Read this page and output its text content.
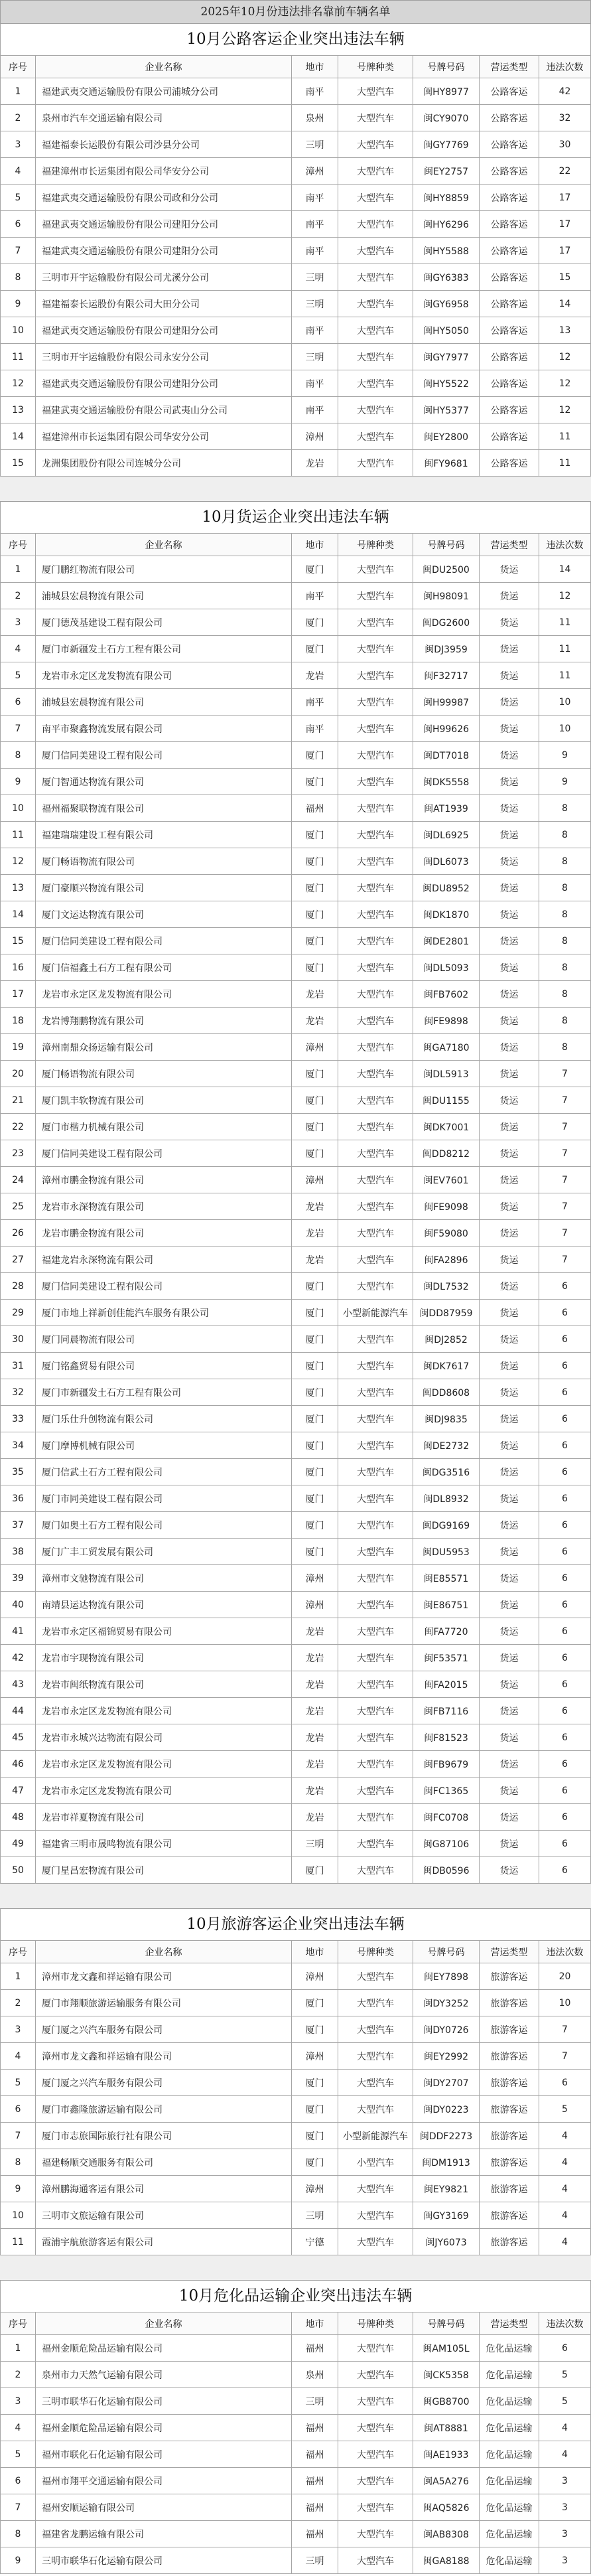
2025年10月份违法排名靠前车辆名单
10月公路客运企业突出违法车辆
序号	企业名称	地市	号牌种类	号牌号码	营运类型	违法次数
1	福建武夷交通运输股份有限公司浦城分公司	南平	大型汽车	闽HY8977	公路客运	42
2	泉州市汽车交通运输有限公司	泉州	大型汽车	闽CY9070	公路客运	32
3	福建福泰长运股份有限公司沙县分公司	三明	大型汽车	闽GY7769	公路客运	30
4	福建漳州市长运集团有限公司华安分公司	漳州	大型汽车	闽EY2757	公路客运	22
5	福建武夷交通运输股份有限公司政和分公司	南平	大型汽车	闽HY8859	公路客运	17
6	福建武夷交通运输股份有限公司建阳分公司	南平	大型汽车	闽HY6296	公路客运	17
7	福建武夷交通运输股份有限公司建阳分公司	南平	大型汽车	闽HY5588	公路客运	17
8	三明市开宇运输股份有限公司尤溪分公司	三明	大型汽车	闽GY6383	公路客运	15
9	福建福泰长运股份有限公司大田分公司	三明	大型汽车	闽GY6958	公路客运	14
10	福建武夷交通运输股份有限公司建阳分公司	南平	大型汽车	闽HY5050	公路客运	13
11	三明市开宇运输股份有限公司永安分公司	三明	大型汽车	闽GY7977	公路客运	12
12	福建武夷交通运输股份有限公司建阳分公司	南平	大型汽车	闽HY5522	公路客运	12
13	福建武夷交通运输股份有限公司武夷山分公司	南平	大型汽车	闽HY5377	公路客运	12
14	福建漳州市长运集团有限公司华安分公司	漳州	大型汽车	闽EY2800	公路客运	11
15	龙洲集团股份有限公司连城分公司	龙岩	大型汽车	闽FY9681	公路客运	11
10月货运企业突出违法车辆
序号	企业名称	地市	号牌种类	号牌号码	营运类型	违法次数
1	厦门鹏红物流有限公司	厦门	大型汽车	闽DU2500	货运	14
2	浦城县宏晨物流有限公司	南平	大型汽车	闽H98091	货运	12
3	厦门德茂基建设工程有限公司	厦门	大型汽车	闽DG2600	货运	11
4	厦门市新疆发土石方工程有限公司	厦门	大型汽车	闽DJ3959	货运	11
5	龙岩市永定区龙发物流有限公司	龙岩	大型汽车	闽F32717	货运	11
6	浦城县宏晨物流有限公司	南平	大型汽车	闽H99987	货运	10
7	南平市聚鑫物流发展有限公司	南平	大型汽车	闽H99626	货运	10
8	厦门信同美建设工程有限公司	厦门	大型汽车	闽DT7018	货运	9
9	厦门智通达物流有限公司	厦门	大型汽车	闽DK5558	货运	9
10	福州福聚联物流有限公司	福州	大型汽车	闽AT1939	货运	8
11	福建瑞瑞建设工程有限公司	厦门	大型汽车	闽DL6925	货运	8
12	厦门畅语物流有限公司	厦门	大型汽车	闽DL6073	货运	8
13	厦门豪顺兴物流有限公司	厦门	大型汽车	闽DU8952	货运	8
14	厦门文运达物流有限公司	厦门	大型汽车	闽DK1870	货运	8
15	厦门信同美建设工程有限公司	厦门	大型汽车	闽DE2801	货运	8
16	厦门信福鑫土石方工程有限公司	厦门	大型汽车	闽DL5093	货运	8
17	龙岩市永定区龙发物流有限公司	龙岩	大型汽车	闽FB7602	货运	8
18	龙岩博翔鹏物流有限公司	龙岩	大型汽车	闽FE9898	货运	8
19	漳州南鼎众扬运输有限公司	漳州	大型汽车	闽GA7180	货运	8
20	厦门畅语物流有限公司	厦门	大型汽车	闽DL5913	货运	7
21	厦门凯丰软物流有限公司	厦门	大型汽车	闽DU1155	货运	7
22	厦门市楷力机械有限公司	厦门	大型汽车	闽DK7001	货运	7
23	厦门信同美建设工程有限公司	厦门	大型汽车	闽DD8212	货运	7
24	漳州市鹏金物流有限公司	漳州	大型汽车	闽EV7601	货运	7
25	龙岩市永深物流有限公司	龙岩	大型汽车	闽FE9098	货运	7
26	龙岩市鹏金物流有限公司	龙岩	大型汽车	闽F59080	货运	7
27	福建龙岩永深物流有限公司	龙岩	大型汽车	闽FA2896	货运	7
28	厦门信同美建设工程有限公司	厦门	大型汽车	闽DL7532	货运	6
29	厦门市地上祥新创佳能汽车服务有限公司	厦门	小型新能源汽车	闽DD87959	货运	6
30	厦门同晨物流有限公司	厦门	大型汽车	闽DJ2852	货运	6
31	厦门铭鑫贸易有限公司	厦门	大型汽车	闽DK7617	货运	6
32	厦门市新疆发土石方工程有限公司	厦门	大型汽车	闽DD8608	货运	6
33	厦门乐仕升创物流有限公司	厦门	大型汽车	闽DJ9835	货运	6
34	厦门摩博机械有限公司	厦门	大型汽车	闽DE2732	货运	6
35	厦门信武土石方工程有限公司	厦门	大型汽车	闽DG3516	货运	6
36	厦门市同美建设工程有限公司	厦门	大型汽车	闽DL8932	货运	6
37	厦门如奥土石方工程有限公司	厦门	大型汽车	闽DG9169	货运	6
38	厦门广丰工贸发展有限公司	厦门	大型汽车	闽DU5953	货运	6
39	漳州市文驰物流有限公司	漳州	大型汽车	闽E85571	货运	6
40	南靖县运达物流有限公司	漳州	大型汽车	闽E86751	货运	6
41	龙岩市永定区福锦贸易有限公司	龙岩	大型汽车	闽FA7720	货运	6
42	龙岩市宇现物流有限公司	龙岩	大型汽车	闽F53571	货运	6
43	龙岩市闽纸物流有限公司	龙岩	大型汽车	闽FA2015	货运	6
44	龙岩市永定区龙发物流有限公司	龙岩	大型汽车	闽FB7116	货运	6
45	龙岩市永城兴达物流有限公司	龙岩	大型汽车	闽F81523	货运	6
46	龙岩市永定区龙发物流有限公司	龙岩	大型汽车	闽FB9679	货运	6
47	龙岩市永定区龙发物流有限公司	龙岩	大型汽车	闽FC1365	货运	6
48	龙岩市祥夏物流有限公司	龙岩	大型汽车	闽FC0708	货运	6
49	福建省三明市晟鸣物流有限公司	三明	大型汽车	闽G87106	货运	6
50	厦门星昌宏物流有限公司	厦门	大型汽车	闽DB0596	货运	6
10月旅游客运企业突出违法车辆
序号	企业名称	地市	号牌种类	号牌号码	营运类型	违法次数
1	漳州市龙文鑫和祥运输有限公司	漳州	大型汽车	闽EY7898	旅游客运	20
2	厦门市翔顺旅游运输服务有限公司	厦门	大型汽车	闽DY3252	旅游客运	10
3	厦门厦之兴汽车服务有限公司	厦门	大型汽车	闽DY0726	旅游客运	7
4	漳州市龙文鑫和祥运输有限公司	漳州	大型汽车	闽EY2992	旅游客运	7
5	厦门厦之兴汽车服务有限公司	厦门	大型汽车	闽DY2707	旅游客运	6
6	厦门市鑫隆旅游运输有限公司	厦门	大型汽车	闽DY0223	旅游客运	5
7	厦门市志旅国际旅行社有限公司	厦门	小型新能源汽车	闽DDF2273	旅游客运	4
8	福建畅顺交通服务有限公司	厦门	小型汽车	闽DM1913	旅游客运	4
9	漳州鹏海通客运有限公司	漳州	大型汽车	闽EY9821	旅游客运	4
10	三明市文旅运输有限公司	三明	大型汽车	闽GY3169	旅游客运	4
11	霞浦宇航旅游客运有限公司	宁德	大型汽车	闽JY6073	旅游客运	4
10月危化品运输企业突出违法车辆
序号	企业名称	地市	号牌种类	号牌号码	营运类型	违法次数
1	福州金顺危险品运输有限公司	福州	大型汽车	闽AM105L	危化品运输	6
2	泉州市力天然气运输有限公司	泉州	大型汽车	闽CK5358	危化品运输	5
3	三明市联华石化运输有限公司	三明	大型汽车	闽GB8700	危化品运输	5
4	福州金顺危险品运输有限公司	福州	大型汽车	闽AT8881	危化品运输	4
5	福州市联化石化运输有限公司	福州	大型汽车	闽AE1933	危化品运输	4
6	福州市翔平交通运输有限公司	福州	大型汽车	闽A5A276	危化品运输	3
7	福州安顺运输有限公司	福州	大型汽车	闽AQ5826	危化品运输	3
8	福建省龙鹏运输有限公司	福州	大型汽车	闽AB8308	危化品运输	3
9	三明市联华石化运输有限公司	三明	大型汽车	闽GA8188	危化品运输	3
